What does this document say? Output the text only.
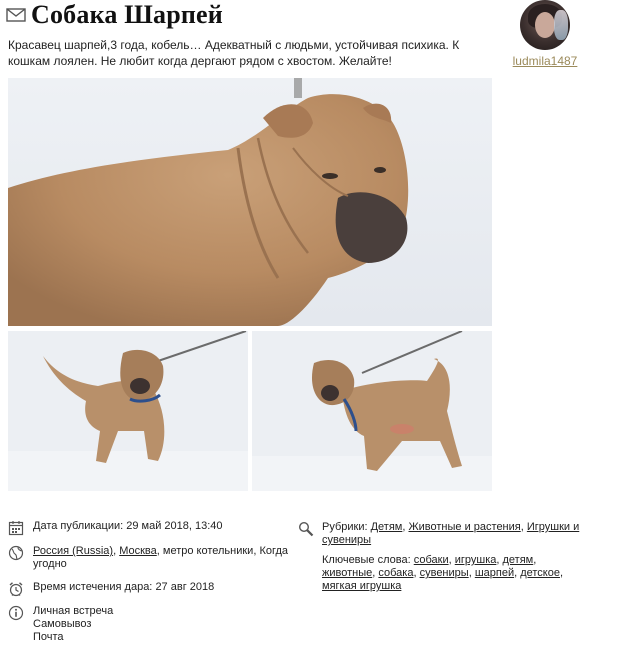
Собака Шарпей

Красавец шарпей,3 года, кобель… Адекватный с людьми, устойчивая психика. К кошкам лоялен. Не любит когда дергают рядом с хвостом. Желайте!	ludmila1487
Дата публикации: 29 май 2018, 13:40
Россия (Russia), Москва, метро котельники, Когда угодно
Время истечения дара: 27 авг 2018
Личная встреча
Самовывоз
Почта
Рубрики: Детям, Животные и растения, Игрушки и сувениры
Ключевые слова: собаки, игрушка, детям, животные, собака, сувениры, шарпей, детское, мягкая игрушка
